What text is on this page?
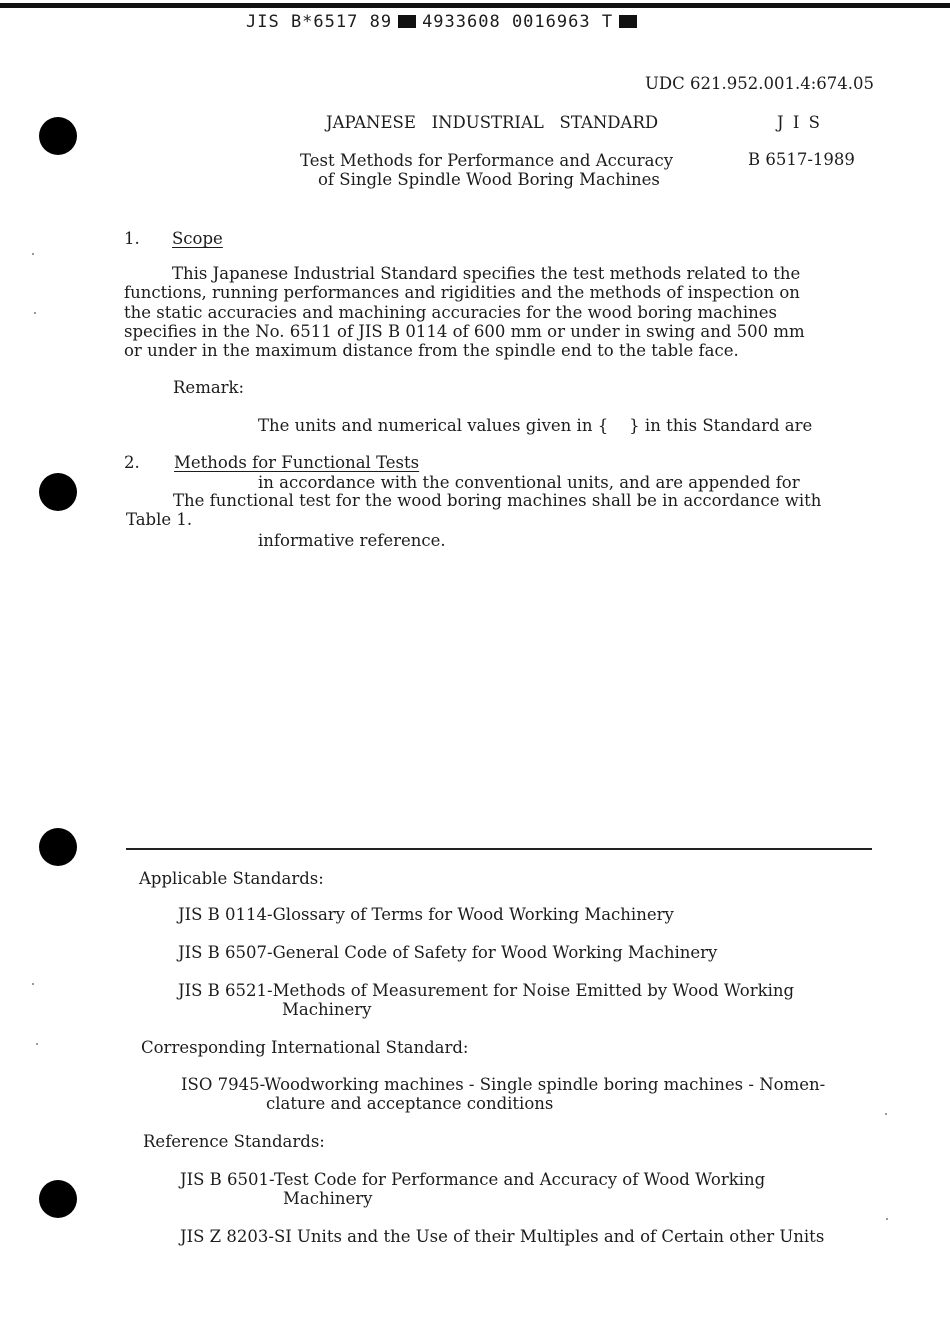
JIS B*6517 89 4933608 0016963 T
UDC 621.952.001.4:674.05
JAPANESE   INDUSTRIAL   STANDARD	J I S
Test Methods for Performance and Accuracy
of Single Spindle Wood Boring Machines
B 6517-1989
1. Scope
This Japanese Industrial Standard specifies the test methods related to the
functions, running performances and rigidities and the methods of inspection on
the static accuracies and machining accuracies for the wood boring machines
specifies in the No. 6511 of JIS B 0114 of 600 mm or under in swing and 500 mm
or under in the maximum distance from the spindle end to the table face.
Remark:

The units and numerical values given in {    } in this Standard are

in accordance with the conventional units, and are appended for

informative reference.

2. Methods for Functional Tests
The functional test for the wood boring machines shall be in accordance with
Table 1.
Applicable Standards:
JIS B 0114-Glossary of Terms for Wood Working Machinery
JIS B 6507-General Code of Safety for Wood Working Machinery
JIS B 6521-Methods of Measurement for Noise Emitted by Wood Working
Machinery
Corresponding International Standard:
ISO 7945-Woodworking machines - Single spindle boring machines - Nomen-
clature and acceptance conditions
Reference Standards:
JIS B 6501-Test Code for Performance and Accuracy of Wood Working
Machinery
JIS Z 8203-SI Units and the Use of their Multiples and of Certain other Units
